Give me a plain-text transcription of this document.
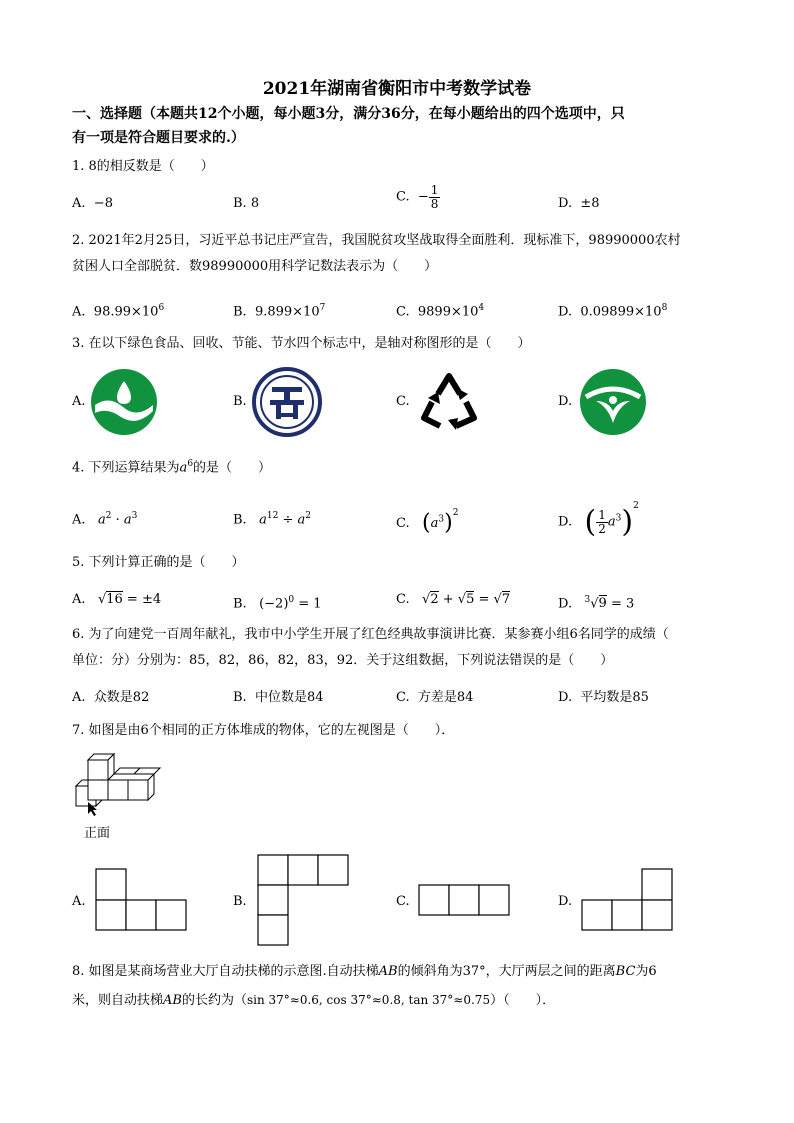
2021年湖南省衡阳市中考数学试卷
一、选择题（本题共12个小题，每小题3分，满分36分，在每小题给出的四个选项中，只
有一项是符合题目要求的.）
1. 8的相反数是（　　）
A. −8	B. 8	C. − $\frac{1}{8}$	D. ±8
2. 2021年2月25日，习近平总书记庄严宣告，我国脱贫攻坚战取得全面胜利．现标准下，98990000农村
贫困人口全部脱贫．数98990000用科学记数法表示为（　　）
A. $98.99\times 10^6$	B. $9.899\times 10^7$	C. $9899\times 10^4$	D. $0.09899\times 10^8$
3. 在以下绿色食品、回收、节能、节水四个标志中，是轴对称图形的是（　　）
A.	B.	C.	D.
4. 下列运算结果为$a^6$的是（　　）
A. $a^2 \cdot a^3$	B. $a^{12} \div a^2$	C. $(a^3)^2$
D. ( $\frac{1}{2} a^3)^2$
5. 下列计算正确的是（　　）
A. √16 = ±4	B. $(-2)^0 = 1$	C. √2 + √5 = √7	D. $^3$√9 = 3
6. 为了向建党一百周年献礼，我市中小学生开展了红色经典故事演讲比赛．某参赛小组6名同学的成绩（
单位：分）分别为：85，82，86，82，83，92．关于这组数据，下列说法错误的是（　　）
A. 众数是82	B. 中位数是84	C. 方差是84	D. 平均数是85
7. 如图是由6个相同的正方体堆成的物体，它的左视图是（　　）．
正面
A.	B.	C.	D.
8. 如图是某商场营业大厅自动扶梯的示意图.自动扶梯AB的倾斜角为37°，大厅两层之间的距离BC为6
米，则自动扶梯AB的长约为（sin 37°≈0.6, cos 37°≈0.8, tan 37°≈0.75）（　　）．
